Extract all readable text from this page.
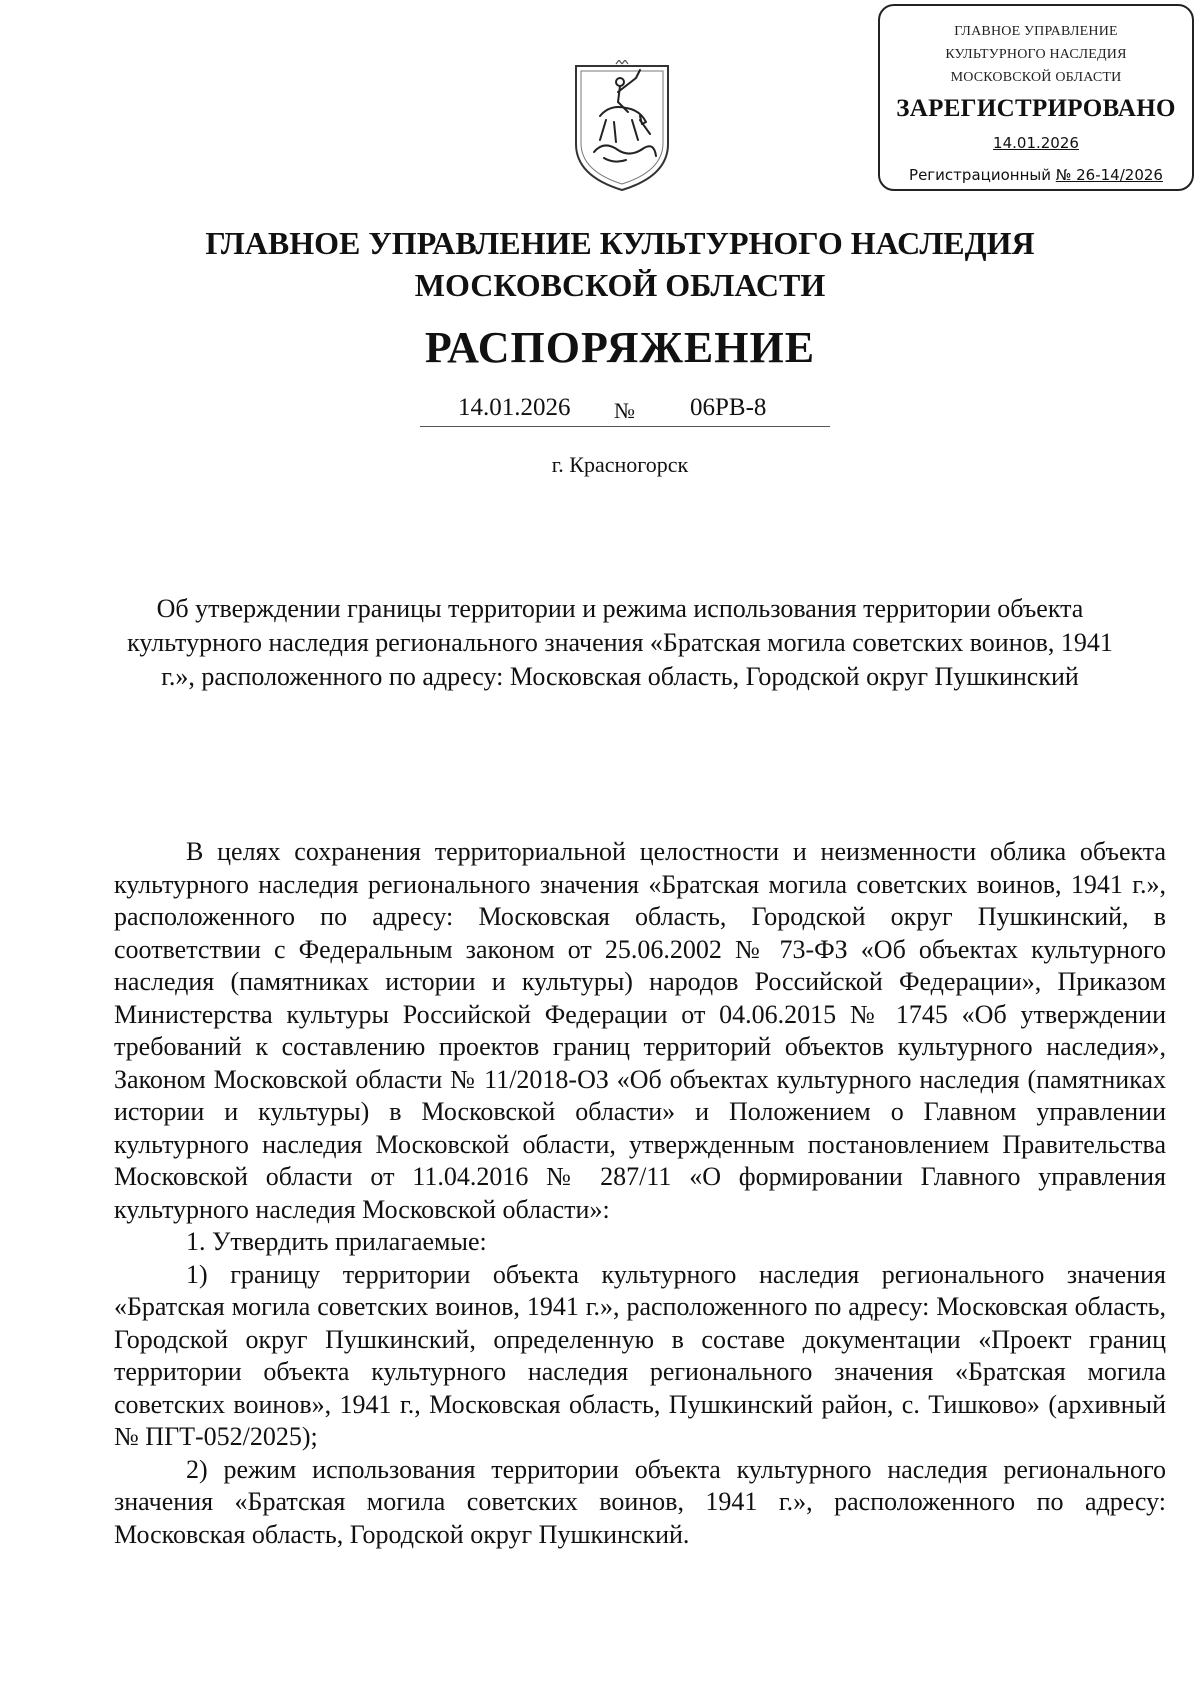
ГЛАВНОЕ УПРАВЛЕНИЕ
КУЛЬТУРНОГО НАСЛЕДИЯ
МОСКОВСКОЙ ОБЛАСТИ
ЗАРЕГИСТРИРОВАНО
14.01.2026
Регистрационный № 26-14/2026
ГЛАВНОЕ УПРАВЛЕНИЕ КУЛЬТУРНОГО НАСЛЕДИЯ
МОСКОВСКОЙ ОБЛАСТИ
РАСПОРЯЖЕНИЕ
14.01.2026 № 06РВ-8
г. Красногорск
Об утверждении границы территории и режима использования территории объекта культурного наследия регионального значения «Братская могила советских воинов, 1941 г.», расположенного по адресу: Московская область, Городской округ Пушкинский

В целях сохранения территориальной целостности и неизменности облика объекта культурного наследия регионального значения «Братская могила советских воинов, 1941 г.», расположенного по адресу: Московская область, Городской округ Пушкинский, в соответствии с Федеральным законом от 25.06.2002 № 73-ФЗ «Об объектах культурного наследия (памятниках истории и культуры) народов Российской Федерации», Приказом Министерства культуры Российской Федерации от 04.06.2015 № 1745 «Об утверждении требований к составлению проектов границ территорий объектов культурного наследия», Законом Московской области № 11/2018-ОЗ «Об объектах культурного наследия (памятниках истории и культуры) в Московской области» и Положением о Главном управлении культурного наследия Московской области, утвержденным постановлением Правительства Московской области от 11.04.2016 № 287/11 «О формировании Главного управления культурного наследия Московской области»:

1. Утвердить прилагаемые:

1) границу территории объекта культурного наследия регионального значения «Братская могила советских воинов, 1941 г.», расположенного по адресу: Московская область, Городской округ Пушкинский, определенную в составе документации «Проект границ территории объекта культурного наследия регионального значения «Братская могила советских воинов», 1941 г., Московская область, Пушкинский район, с. Тишково» (архивный № ПГТ-052/2025);

2) режим использования территории объекта культурного наследия регионального значения «Братская могила советских воинов, 1941 г.», расположенного по адресу: Московская область, Городской округ Пушкинский.
